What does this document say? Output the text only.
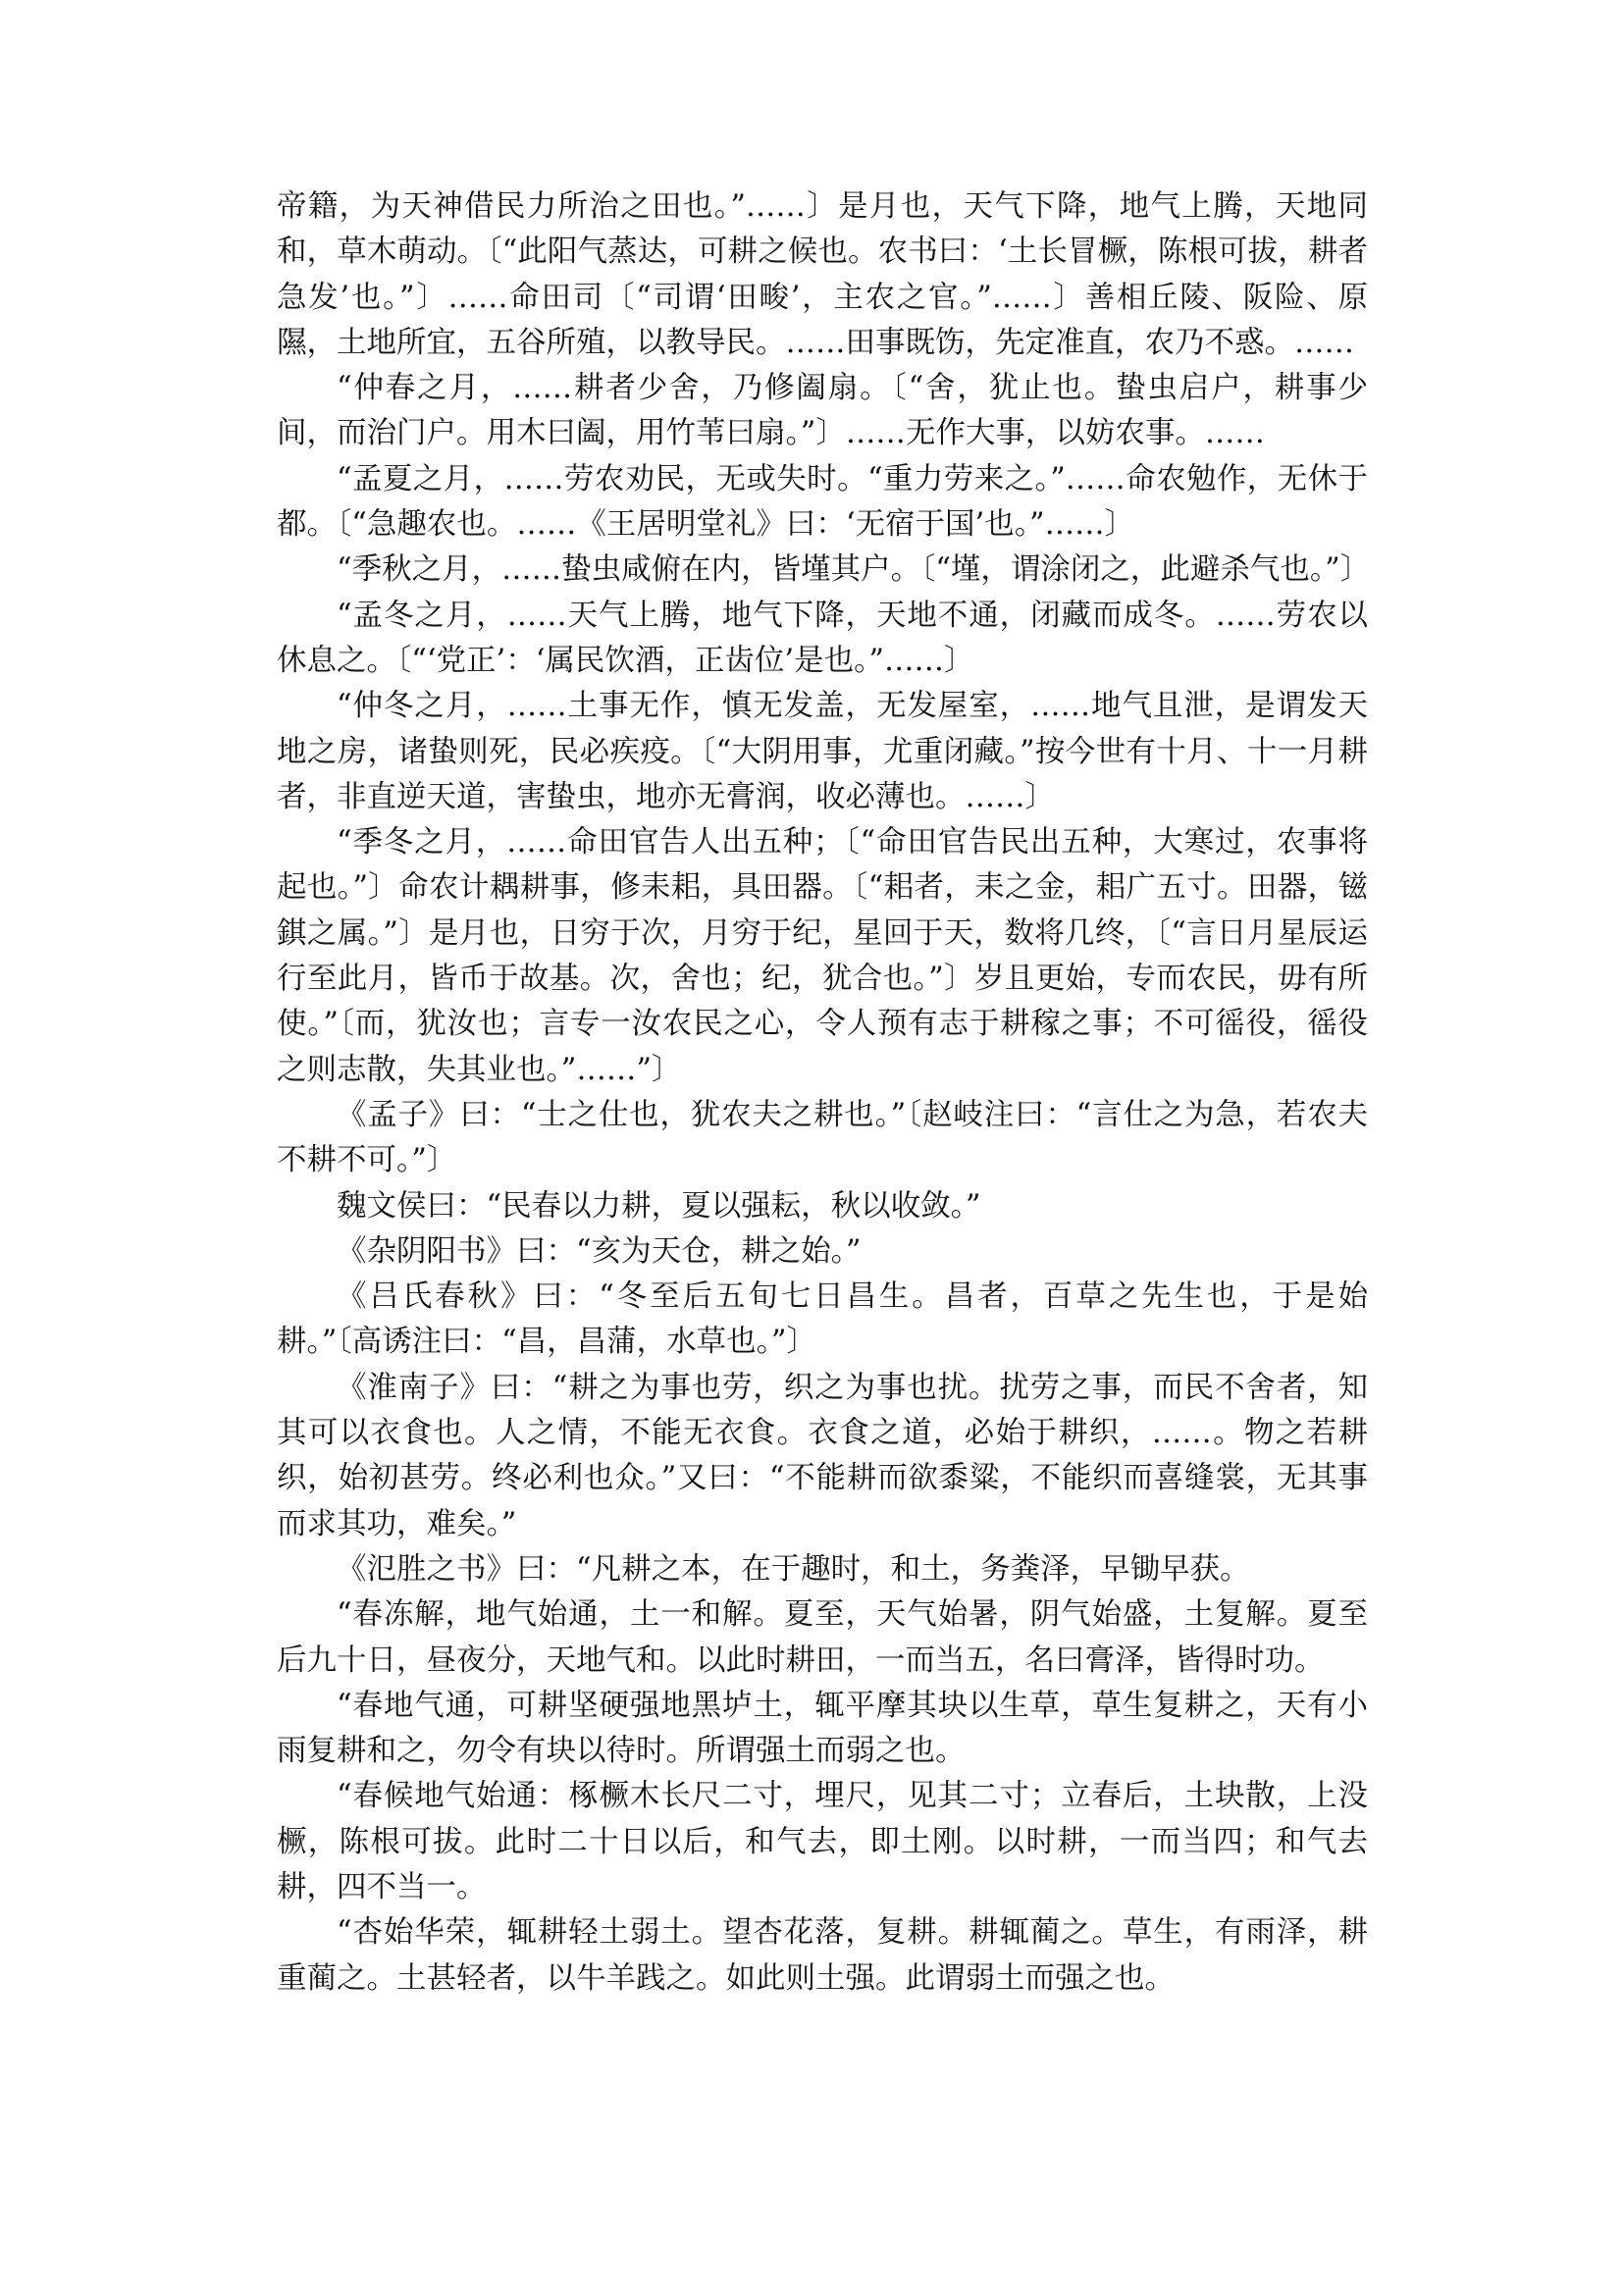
帝籍，为天神借民力所治之田也。”……〕是月也，天气下降，地气上腾，天地同和，草木萌动。〔“此阳气蒸达，可耕之候也。农书曰：‘土长冒橛，陈根可拔，耕者急发’也。”〕……命田司〔“司谓‘田畯’，主农之官。”……〕善相丘陵、阪险、原隰，土地所宜，五谷所殖，以教导民。……田事既饬，先定准直，农乃不惑。……

“仲春之月，……耕者少舍，乃修阖扇。〔“舍，犹止也。蛰虫启户，耕事少间，而治门户。用木曰阖，用竹苇曰扇。”〕……无作大事，以妨农事。……

“孟夏之月，……劳农劝民，无或失时。“重力劳来之。”……命农勉作，无休于都。〔“急趣农也。……《王居明堂礼》曰：‘无宿于国’也。”……〕

“季秋之月，……蛰虫咸俯在内，皆墐其户。〔“墐，谓涂闭之，此避杀气也。”〕

“孟冬之月，……天气上腾，地气下降，天地不通，闭藏而成冬。……劳农以休息之。〔“‘党正’：‘属民饮酒，正齿位’是也。”……〕

“仲冬之月，……土事无作，慎无发盖，无发屋室，……地气且泄，是谓发天地之房，诸蛰则死，民必疾疫。〔“大阴用事，尤重闭藏。”按今世有十月、十一月耕者，非直逆天道，害蛰虫，地亦无膏润，收必薄也。……〕

“季冬之月，……命田官告人出五种；〔“命田官告民出五种，大寒过，农事将起也。”〕命农计耦耕事，修耒耜，具田器。〔“耜者，耒之金，耜广五寸。田器，镃錤之属。”〕是月也，日穷于次，月穷于纪，星回于天，数将几终，〔“言日月星辰运行至此月，皆币于故基。次，舍也；纪，犹合也。”〕岁且更始，专而农民，毋有所使。”〔而，犹汝也；言专一汝农民之心，令人预有志于耕稼之事；不可徭役，徭役之则志散，失其业也。”……”〕

《孟子》曰：“士之仕也，犹农夫之耕也。”〔赵岐注曰：“言仕之为急，若农夫不耕不可。”〕

魏文侯曰：“民春以力耕，夏以强耘，秋以收敛。”

《杂阴阳书》曰：“亥为天仓，耕之始。”

《吕氏春秋》曰：“冬至后五旬七日昌生。昌者，百草之先生也，于是始耕。”〔高诱注曰：“昌，昌蒲，水草也。”〕

《淮南子》曰：“耕之为事也劳，织之为事也扰。扰劳之事，而民不舍者，知其可以衣食也。人之情，不能无衣食。衣食之道，必始于耕织，……。物之若耕织，始初甚劳。终必利也众。”又曰：“不能耕而欲黍粱，不能织而喜缝裳，无其事而求其功，难矣。”

《氾胜之书》曰：“凡耕之本，在于趣时，和土，务粪泽，早锄早获。

“春冻解，地气始通，土一和解。夏至，天气始暑，阴气始盛，土复解。夏至后九十日，昼夜分，天地气和。以此时耕田，一而当五，名曰膏泽，皆得时功。

“春地气通，可耕坚硬强地黑垆土，辄平摩其块以生草，草生复耕之，天有小雨复耕和之，勿令有块以待时。所谓强土而弱之也。

“春候地气始通：椓橛木长尺二寸，埋尺，见其二寸；立春后，土块散，上没橛，陈根可拔。此时二十日以后，和气去，即土刚。以时耕，一而当四；和气去耕，四不当一。

“杏始华荣，辄耕轻土弱土。望杏花落，复耕。耕辄蔺之。草生，有雨泽，耕重蔺之。土甚轻者，以牛羊践之。如此则土强。此谓弱土而强之也。
